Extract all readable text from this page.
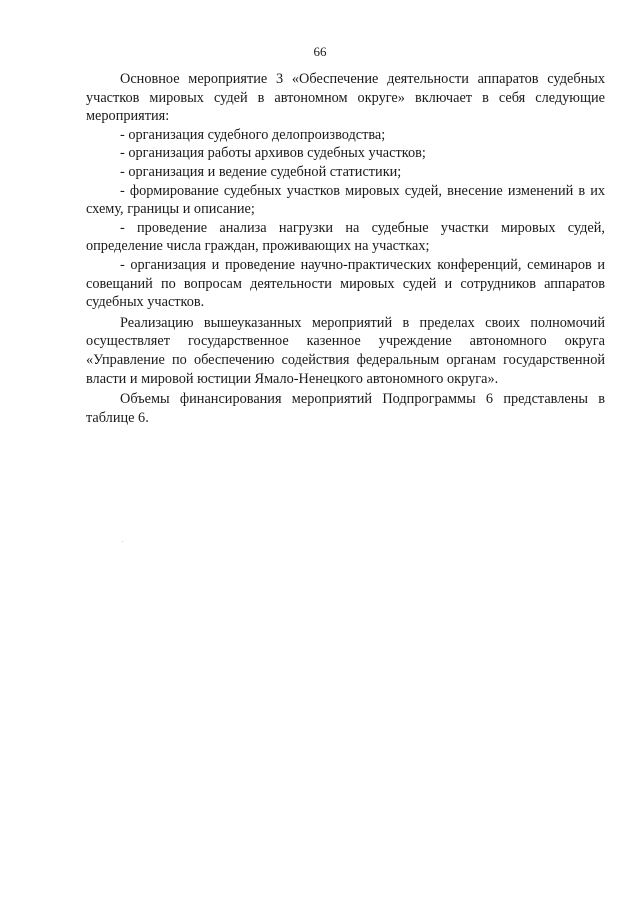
66

Основное мероприятие 3 «Обеспечение деятельности аппаратов судебных участков мировых судей в автономном округе» включает в себя следующие мероприятия:

- организация судебного делопроизводства;

- организация работы архивов судебных участков;

- организация и ведение судебной статистики;

- формирование судебных участков мировых судей, внесение изменений в их схему, границы и описание;

- проведение анализа нагрузки на судебные участки мировых судей, определение числа граждан, проживающих на участках;

- организация и проведение научно-практических конференций, семинаров и совещаний по вопросам деятельности мировых судей и сотрудников аппаратов судебных участков.

Реализацию вышеуказанных мероприятий в пределах своих полномочий осуществляет государственное казенное учреждение автономного округа «Управление по обеспечению содействия федеральным органам государственной власти и мировой юстиции Ямало-Ненецкого автономного округа».

Объемы финансирования мероприятий Подпрограммы 6 представлены в таблице 6.
